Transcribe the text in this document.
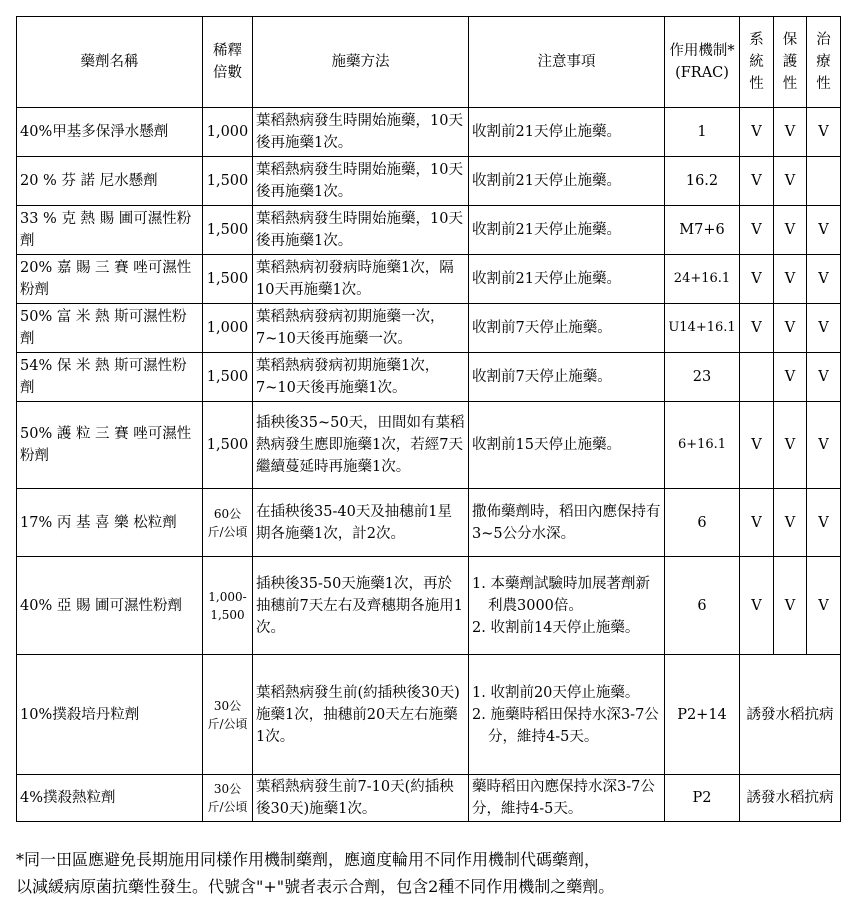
藥劑名稱	稀釋倍數	施藥方法	注意事項	作用機制*(FRAC)	系統性	保護性	治療性
40%甲基多保淨水懸劑	1,000	葉稻熱病發生時開始施藥，10天後再施藥1次。	收割前21天停止施藥。	1	V	V	V
20 % 芬 諾 尼水懸劑	1,500	葉稻熱病發生時開始施藥，10天後再施藥1次。	收割前21天停止施藥。	16.2	V	V	
33 % 克 熱 賜 圃可濕性粉劑	1,500	葉稻熱病發生時開始施藥，10天後再施藥1次。	收割前21天停止施藥。	M7+6	V	V	V
20% 嘉 賜 三 賽 唑可濕性粉劑	1,500	葉稻熱病初發病時施藥1次，隔10天再施藥1次。	收割前21天停止施藥。	24+16.1	V	V	V
50% 富 米 熱 斯可濕性粉劑	1,000	葉稻熱病發病初期施藥一次，7~10天後再施藥一次。	收割前7天停止施藥。	U14+16.1	V	V	V
54% 保 米 熱 斯可濕性粉劑	1,500	葉稻熱病發病初期施藥1次，7~10天後再施藥1次。	收割前7天停止施藥。	23		V	V
50% 護 粒 三 賽 唑可濕性粉劑	1,500	插秧後35~50天，田間如有葉稻熱病發生應即施藥1次，若經7天繼續蔓延時再施藥1次。	收割前15天停止施藥。	6+16.1	V	V	V
17% 丙 基 喜 樂 松粒劑	60公斤/公頃	在插秧後35-40天及抽穗前1星期各施藥1次，計2次。	撒佈藥劑時，稻田內應保持有3~5公分水深。	6	V	V	V
40% 亞 賜 圃可濕性粉劑	1,000-1,500	插秧後35-50天施藥1次，再於抽穗前7天左右及齊穗期各施用1次。	1. 本藥劑試驗時加展著劑新利農3000倍。
2. 收割前14天停止施藥。	6	V	V	V
10%撲殺培丹粒劑	30公斤/公頃	葉稻熱病發生前(約插秧後30天)施藥1次，抽穗前20天左右施藥1次。	1. 收割前20天停止施藥。
2. 施藥時稻田保持水深3-7公分，維持4-5天。	P2+14	誘發水稻抗病		
4%撲殺熱粒劑	30公斤/公頃	葉稻熱病發生前7-10天(約插秧後30天)施藥1次。	藥時稻田內應保持水深3-7公分，維持4-5天。	P2	誘發水稻抗病		
*同一田區應避免長期施用同樣作用機制藥劑，應適度輪用不同作用機制代碼藥劑，
以減緩病原菌抗藥性發生。代號含"+"號者表示合劑，包含2種不同作用機制之藥劑。
